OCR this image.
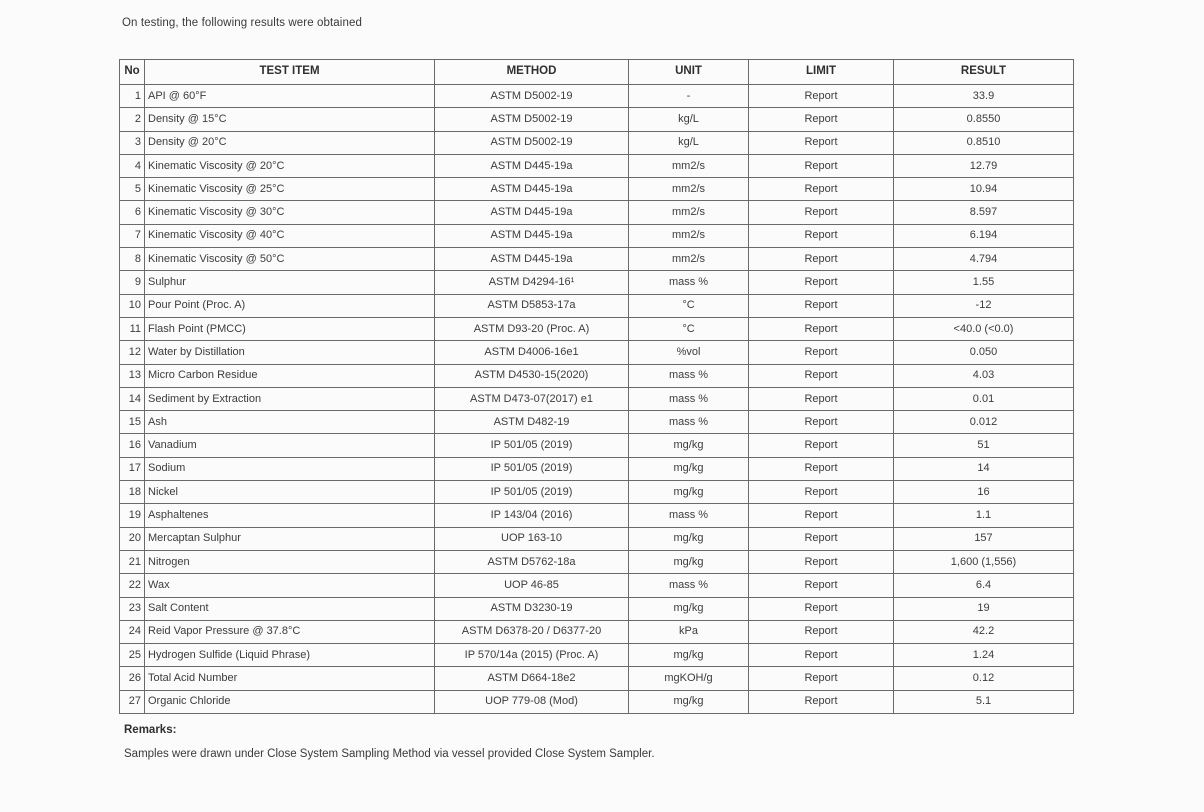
On testing, the following results were obtained
No	TEST ITEM	METHOD	UNIT	LIMIT	RESULT
1	API @ 60°F	ASTM D5002-19	-	Report	33.9
2	Density @ 15°C	ASTM D5002-19	kg/L	Report	0.8550
3	Density @ 20°C	ASTM D5002-19	kg/L	Report	0.8510
4	Kinematic Viscosity @ 20°C	ASTM D445-19a	mm2/s	Report	12.79
5	Kinematic Viscosity @ 25°C	ASTM D445-19a	mm2/s	Report	10.94
6	Kinematic Viscosity @ 30°C	ASTM D445-19a	mm2/s	Report	8.597
7	Kinematic Viscosity @ 40°C	ASTM D445-19a	mm2/s	Report	6.194
8	Kinematic Viscosity @ 50°C	ASTM D445-19a	mm2/s	Report	4.794
9	Sulphur	ASTM D4294-16¹	mass %	Report	1.55
10	Pour Point (Proc. A)	ASTM D5853-17a	°C	Report	-12
11	Flash Point (PMCC)	ASTM D93-20 (Proc. A)	°C	Report	<40.0 (<0.0)
12	Water by Distillation	ASTM D4006-16e1	%vol	Report	0.050
13	Micro Carbon Residue	ASTM D4530-15(2020)	mass %	Report	4.03
14	Sediment by Extraction	ASTM D473-07(2017) e1	mass %	Report	0.01
15	Ash	ASTM D482-19	mass %	Report	0.012
16	Vanadium	IP 501/05 (2019)	mg/kg	Report	51
17	Sodium	IP 501/05 (2019)	mg/kg	Report	14
18	Nickel	IP 501/05 (2019)	mg/kg	Report	16
19	Asphaltenes	IP 143/04 (2016)	mass %	Report	1.1
20	Mercaptan Sulphur	UOP 163-10	mg/kg	Report	157
21	Nitrogen	ASTM D5762-18a	mg/kg	Report	1,600 (1,556)
22	Wax	UOP 46-85	mass %	Report	6.4
23	Salt Content	ASTM D3230-19	mg/kg	Report	19
24	Reid Vapor Pressure @ 37.8°C	ASTM D6378-20 / D6377-20	kPa	Report	42.2
25	Hydrogen Sulfide (Liquid Phrase)	IP 570/14a (2015) (Proc. A)	mg/kg	Report	1.24
26	Total Acid Number	ASTM D664-18e2	mgKOH/g	Report	0.12
27	Organic Chloride	UOP 779-08 (Mod)	mg/kg	Report	5.1
Remarks:
Samples were drawn under Close System Sampling Method via vessel provided Close System Sampler.
